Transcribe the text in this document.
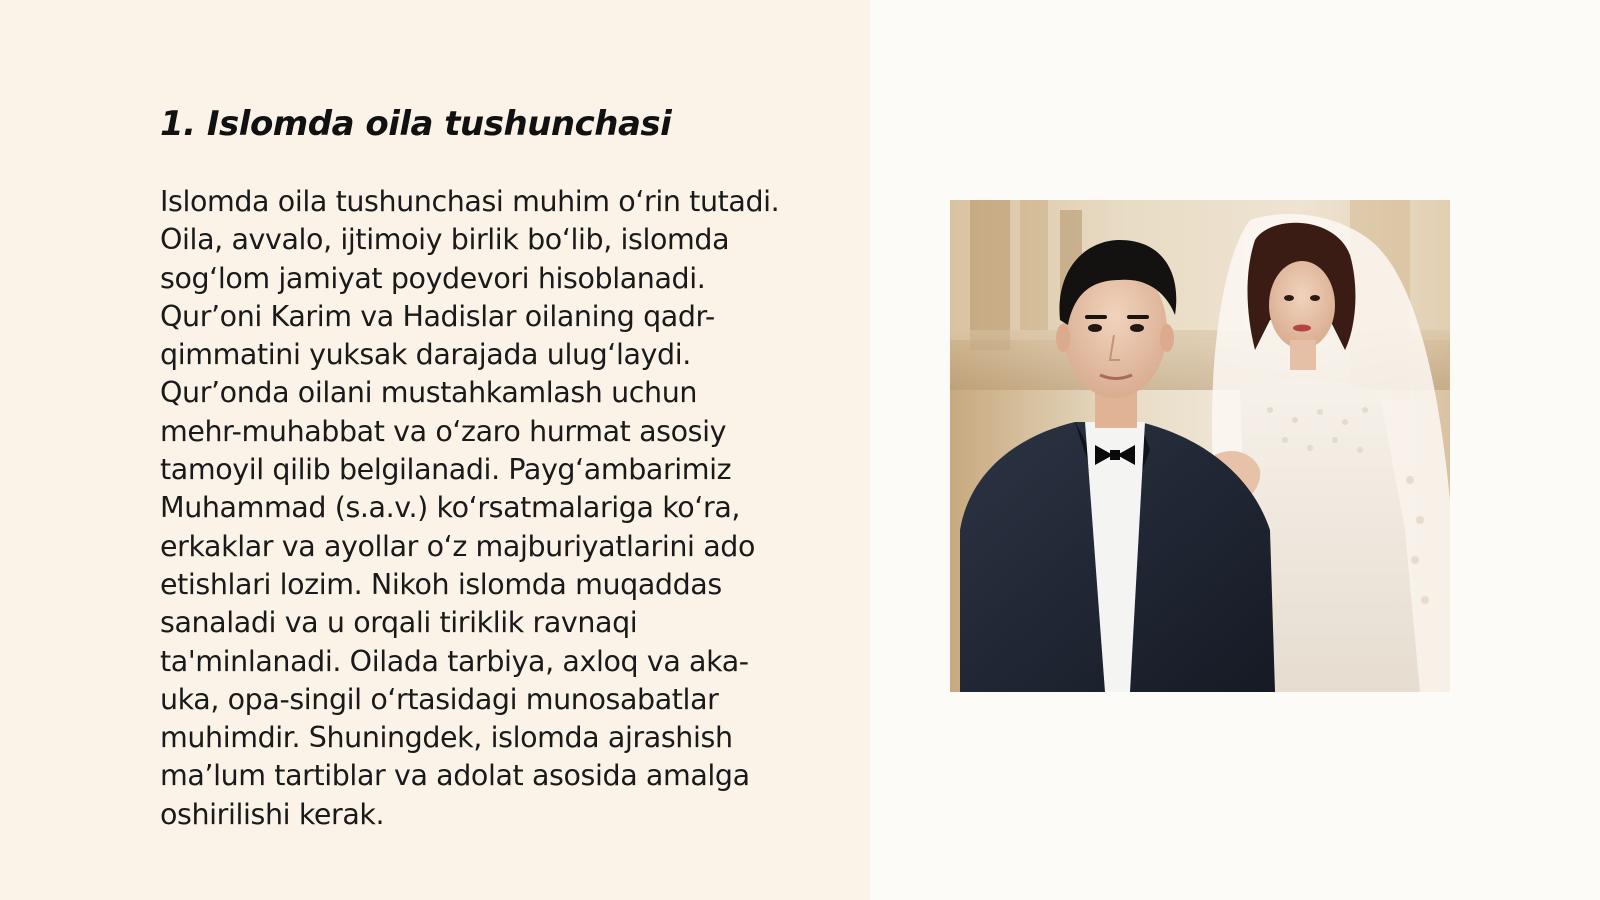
1. Islomda oila tushunchasi

Islomda oila tushunchasi muhim o‘rin tutadi.
Oila, avvalo, ijtimoiy birlik bo‘lib, islomda
sog‘lom jamiyat poydevori hisoblanadi.
Qur’oni Karim va Hadislar oilaning qadr-
qimmatini yuksak darajada ulug‘laydi.
Qur’onda oilani mustahkamlash uchun
mehr-muhabbat va o‘zaro hurmat asosiy
tamoyil qilib belgilanadi. Payg‘ambarimiz
Muhammad (s.a.v.) ko‘rsatmalariga ko‘ra,
erkaklar va ayollar o‘z majburiyatlarini ado
etishlari lozim. Nikoh islomda muqaddas
sanaladi va u orqali tiriklik ravnaqi
ta'minlanadi. Oilada tarbiya, axloq va aka-
uka, opa-singil o‘rtasidagi munosabatlar
muhimdir. Shuningdek, islomda ajrashish
ma’lum tartiblar va adolat asosida amalga
oshirilishi kerak.
